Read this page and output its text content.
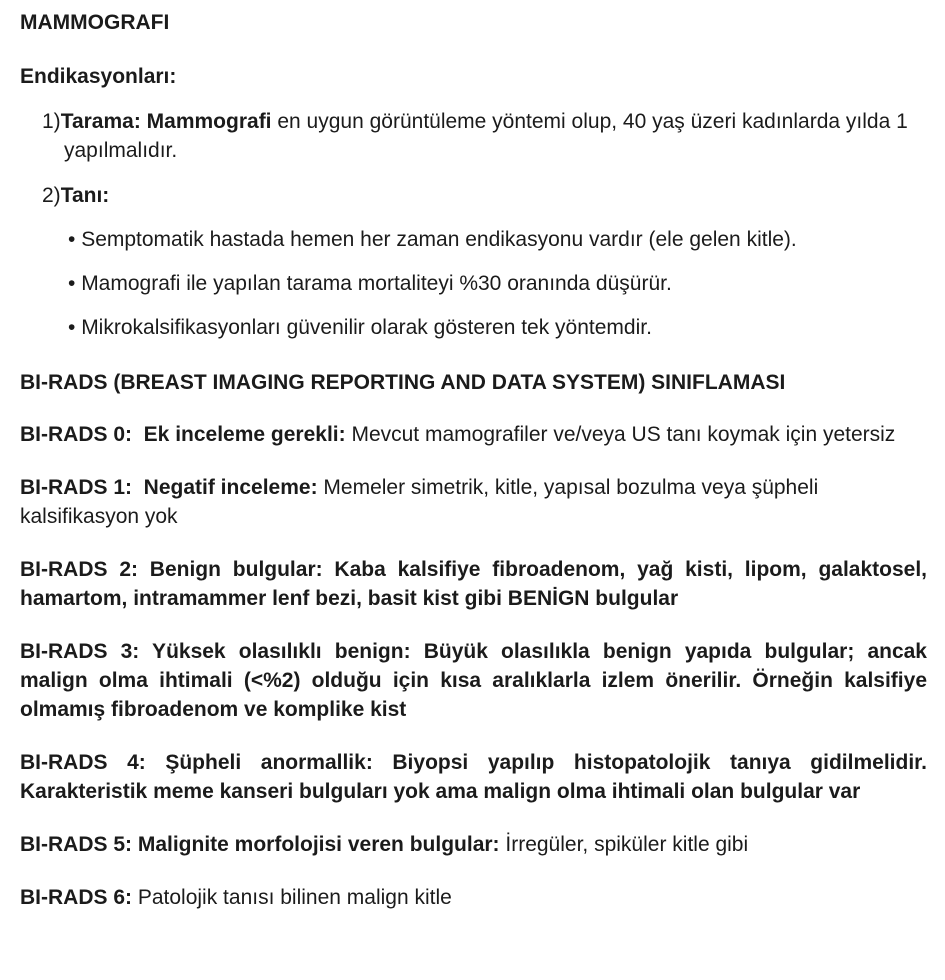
MAMMOGRAFI
Endikasyonları:

1)Tarama: Mammografi en uygun görüntüleme yöntemi olup, 40 yaş üzeri kadınlarda yılda 1 yapılmalıdır.

2)Tanı:

• Semptomatik hastada hemen her zaman endikasyonu vardır (ele gelen kitle).
• Mamografi ile yapılan tarama mortaliteyi %30 oranında düşürür.
• Mikrokalsifikasyonları güvenilir olarak gösteren tek yöntemdir.
BI-RADS (BREAST IMAGING REPORTING AND DATA SYSTEM) SINIFLAMASI

BI-RADS 0:  Ek inceleme gerekli: Mevcut mamografiler ve/veya US tanı koymak için yetersiz

BI-RADS 1:  Negatif inceleme: Memeler simetrik, kitle, yapısal bozulma veya şüpheli kalsifikasyon yok

BI-RADS 2: Benign bulgular: Kaba kalsifiye fibroadenom, yağ kisti, lipom, galaktosel, hamartom, intramammer lenf bezi, basit kist gibi BENİGN bulgular

BI-RADS 3: Yüksek olasılıklı benign: Büyük olasılıkla benign yapıda bulgular; ancak malign olma ihtimali (<%2) olduğu için kısa aralıklarla izlem önerilir. Örneğin kalsifiye olmamış fibroadenom ve komplike kist

BI-RADS 4: Şüpheli anormallik: Biyopsi yapılıp histopatolojik tanıya gidilmelidir. Karakteristik meme kanseri bulguları yok ama malign olma ihtimali olan bulgular var

BI-RADS 5: Malignite morfolojisi veren bulgular: İrregüler, spiküler kitle gibi

BI-RADS 6: Patolojik tanısı bilinen malign kitle
